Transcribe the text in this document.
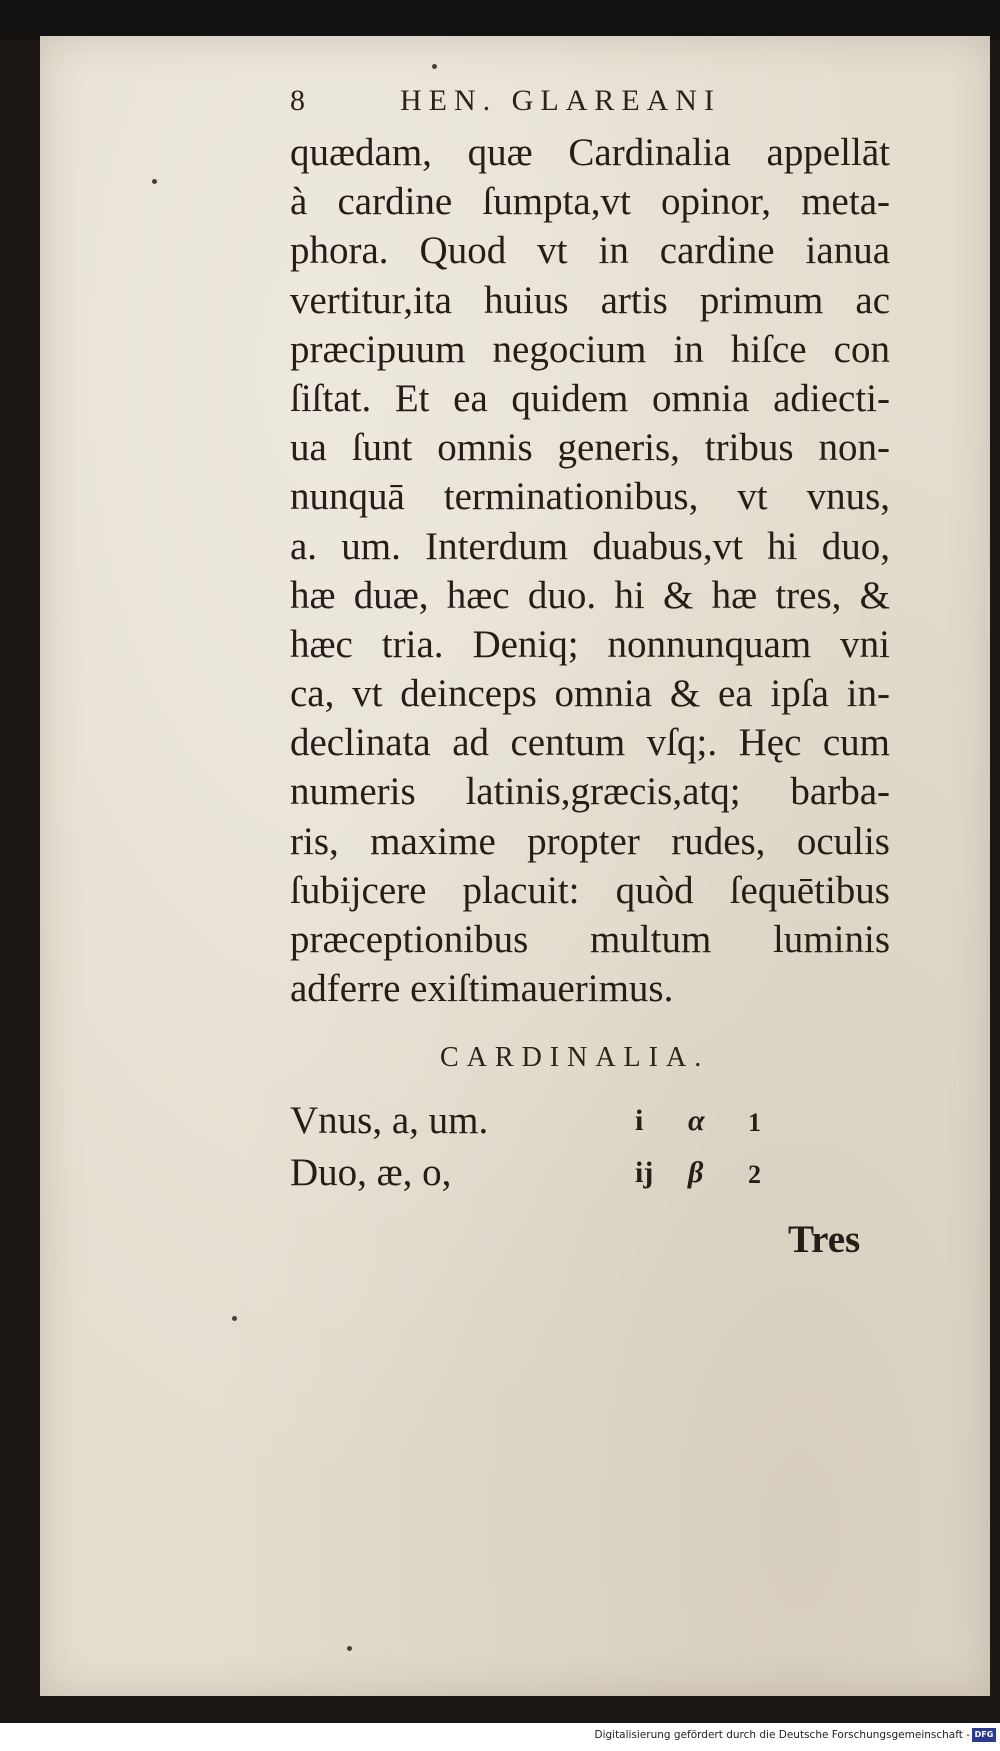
8	HEN. GLAREANI
quædam, quæ Cardinalia appellāt
à cardine ſumpta,vt opinor, meta-
phora. Quod vt in cardine ianua
vertitur,ita huius artis primum ac
præcipuum negocium in hiſce con
ſiſtat. Et ea quidem omnia adiecti-
ua ſunt omnis generis, tribus non-
nunquā terminationibus, vt vnus,
a. um. Interdum duabus,vt hi duo,
hæ duæ, hæc duo. hi & hæ tres, &
hæc tria. Deniq; nonnunquam vni
ca, vt deinceps omnia & ea ipſa in-
declinata ad centum vſq;. Hęc cum
numeris latinis,græcis,atq; barba-
ris, maxime propter rudes, oculis
ſubijcere placuit: quòd ſequētibus
præceptionibus multum luminis
adferre exiſtimauerimus.
CARDINALIA.
Vnus, a, um.	i α 1
Duo, æ, o,	ij β 2
Tres
Digitalisierung gefördert durch die Deutsche Forschungsgemeinschaft - DFG
